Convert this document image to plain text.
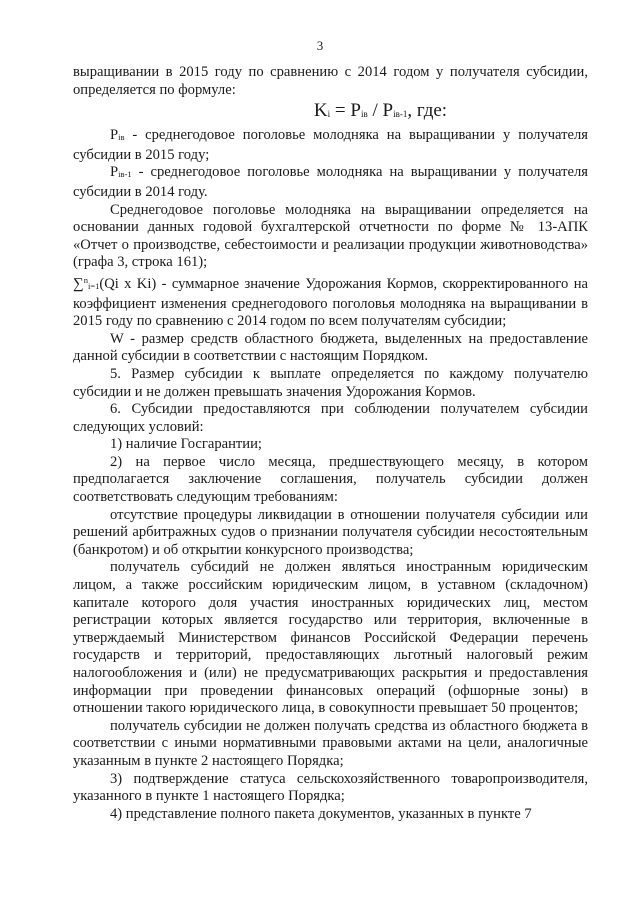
3

выращивании в 2015 году по сравнению с 2014 годом у получателя субсидии, определяется по формуле:

Ki = Piв / Piв-1, где:

Piв - среднегодовое поголовье молодняка на выращивании у получателя субсидии в 2015 году;

Piв-1 - среднегодовое поголовье молодняка на выращивании у получателя субсидии в 2014 году.

Среднегодовое поголовье молодняка на выращивании определяется на основании данных годовой бухгалтерской отчетности по форме № 13-АПК «Отчет о производстве, себестоимости и реализации продукции животноводства» (графа 3, строка 161);

∑$^n$i=1(Qi x Ki) - суммарное значение Удорожания Кормов, скорректированного на коэффициент изменения среднегодового поголовья молодняка на выращивании в 2015 году по сравнению с 2014 годом по всем получателям субсидии;

W - размер средств областного бюджета, выделенных на предоставление данной субсидии в соответствии с настоящим Порядком.

5. Размер субсидии к выплате определяется по каждому получателю субсидии и не должен превышать значения Удорожания Кормов.

6. Субсидии предоставляются при соблюдении получателем субсидии следующих условий:

1) наличие Госгарантии;

2) на первое число месяца, предшествующего месяцу, в котором предполагается заключение соглашения, получатель субсидии должен соответствовать следующим требованиям:

отсутствие процедуры ликвидации в отношении получателя субсидии или решений арбитражных судов о признании получателя субсидии несостоятельным (банкротом) и об открытии конкурсного производства;

получатель субсидий не должен являться иностранным юридическим лицом, а также российским юридическим лицом, в уставном (складочном) капитале которого доля участия иностранных юридических лиц, местом регистрации которых является государство или территория, включенные в утверждаемый Министерством финансов Российской Федерации перечень государств и территорий, предоставляющих льготный налоговый режим налогообложения и (или) не предусматривающих раскрытия и предоставления информации при проведении финансовых операций (офшорные зоны) в отношении такого юридического лица, в совокупности превышает 50 процентов;

получатель субсидии не должен получать средства из областного бюджета в соответствии с иными нормативными правовыми актами на цели, аналогичные указанным в пункте 2 настоящего Порядка;

3) подтверждение статуса сельскохозяйственного товаропроизводителя, указанного в пункте 1 настоящего Порядка;

4) представление полного пакета документов, указанных в пункте 7
